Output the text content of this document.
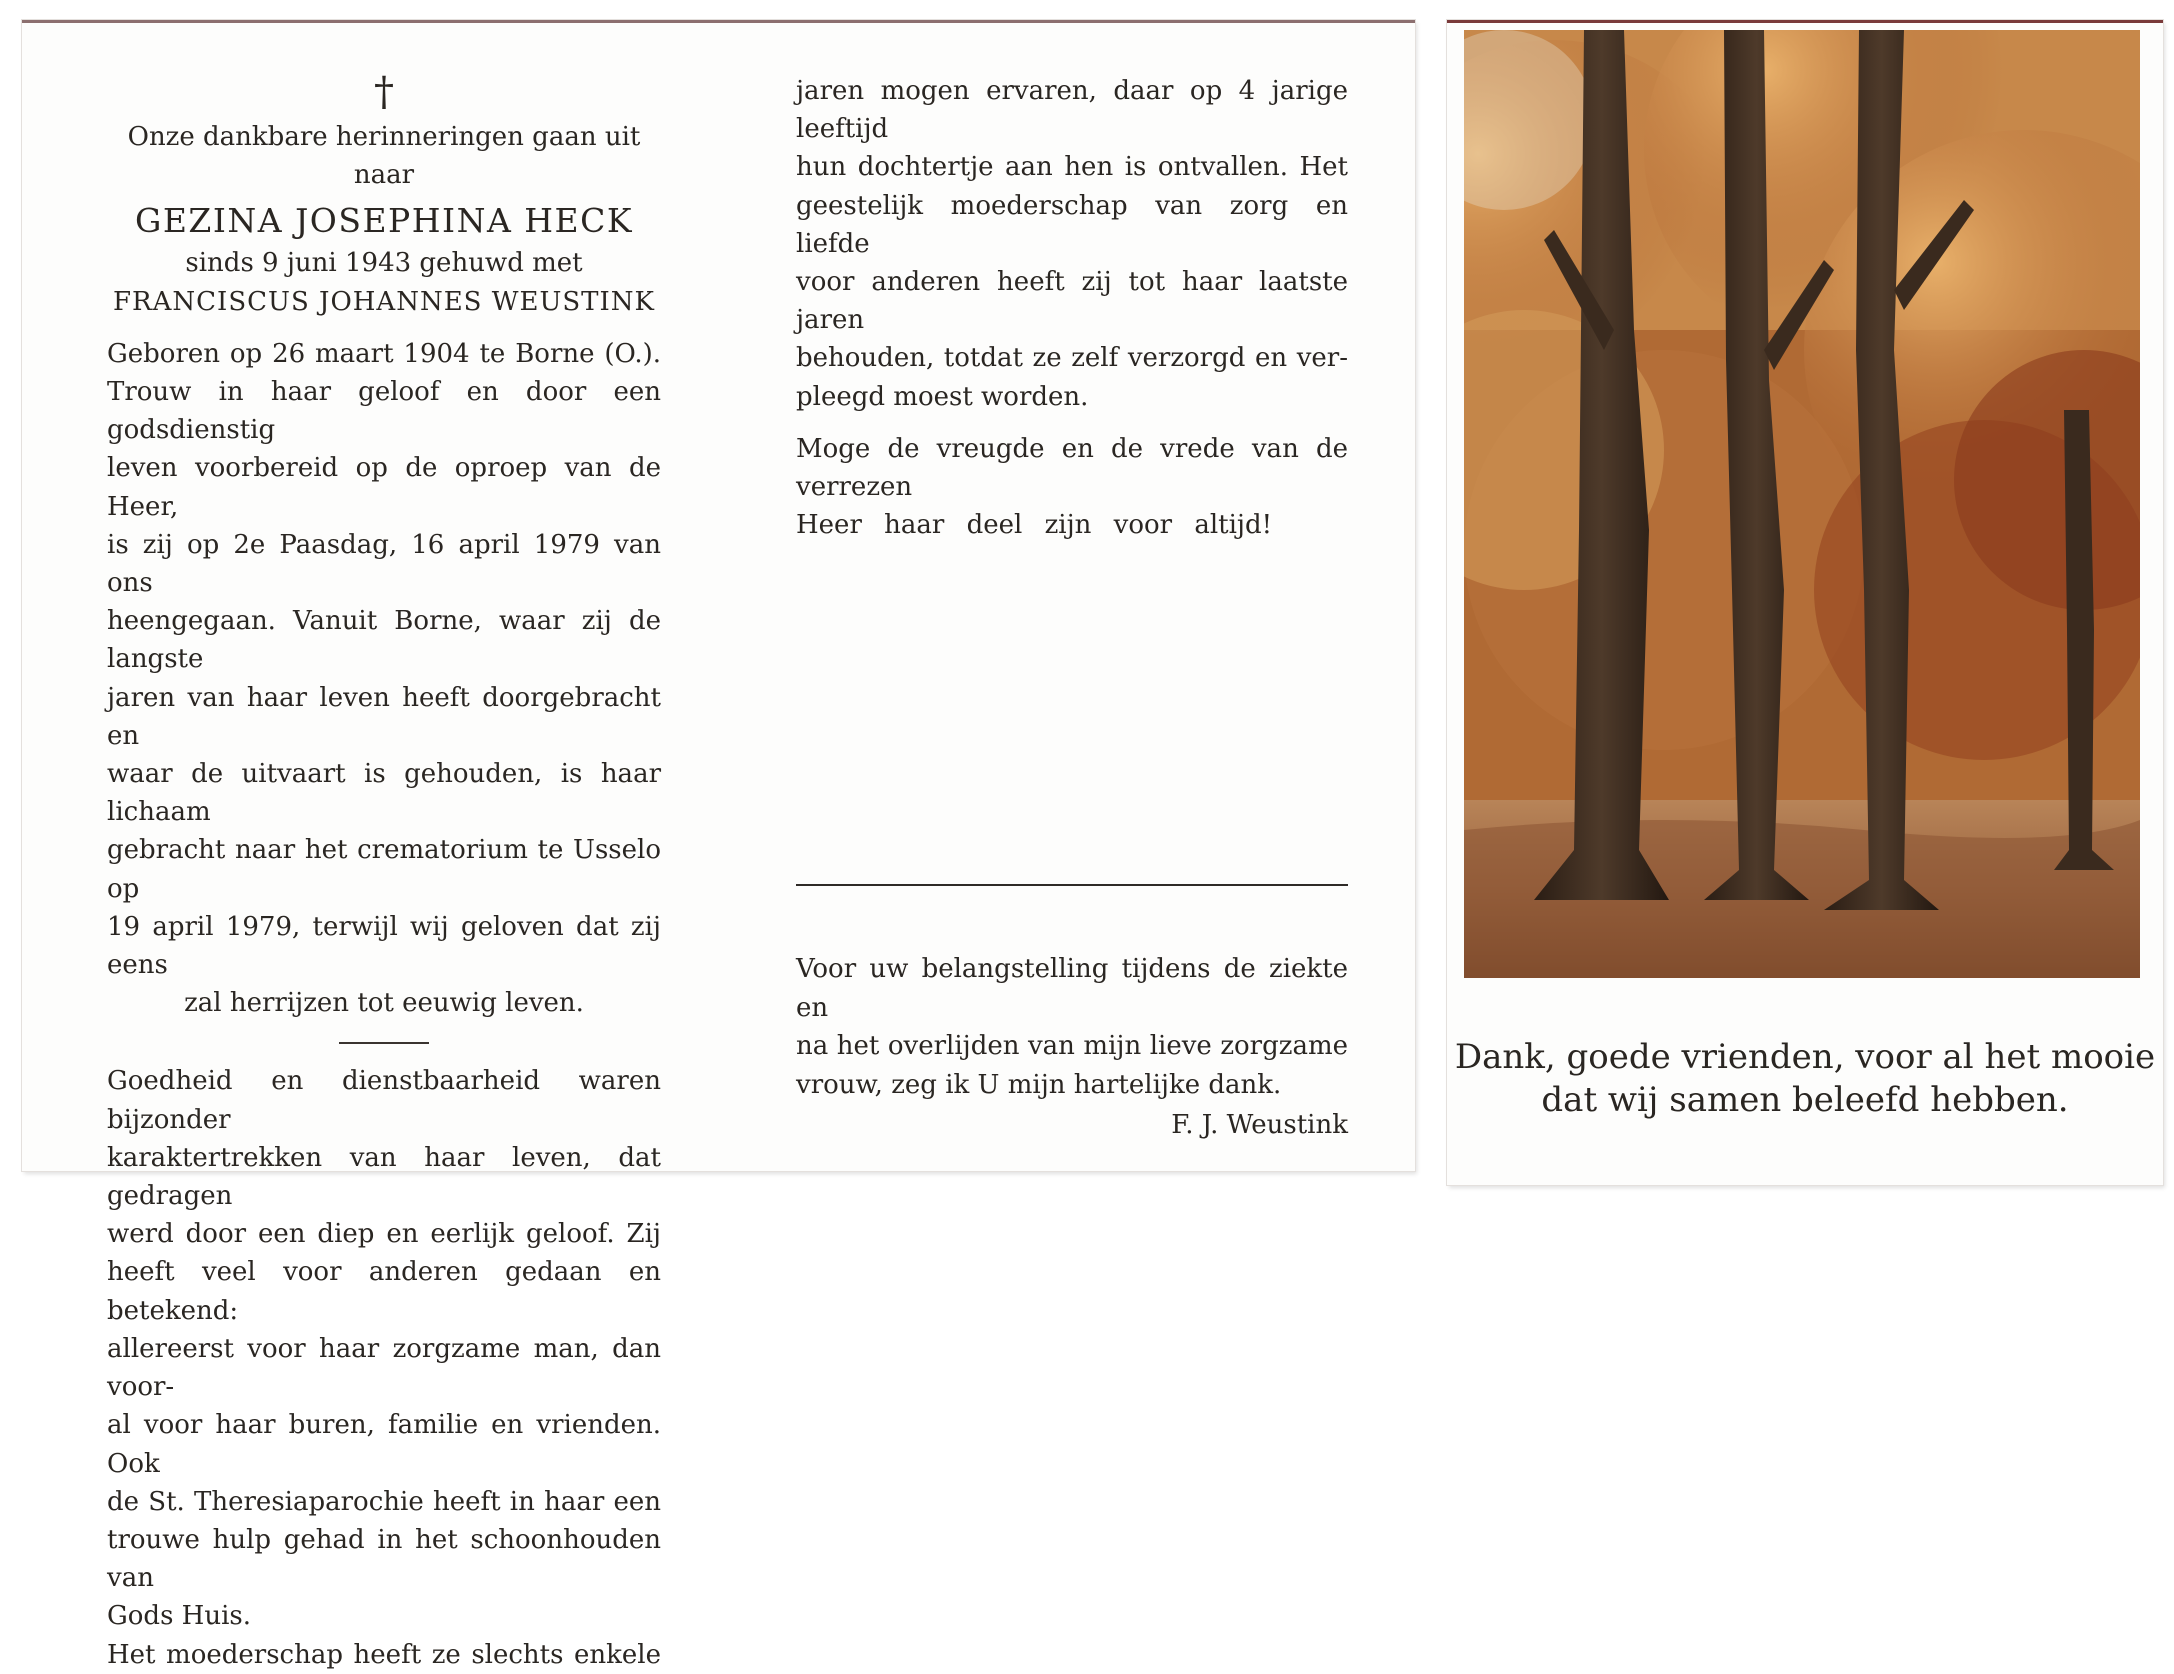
†
Onze dankbare herinneringen gaan uit naar
GEZINA JOSEPHINA HECK
sinds 9 juni 1943 gehuwd met
FRANCISCUS JOHANNES WEUSTINK
Geboren op 26 maart 1904 te Borne (O.).
Trouw in haar geloof en door een godsdienstig
leven voorbereid op de oproep van de Heer,
is zij op 2e Paasdag, 16 april 1979 van ons
heengegaan. Vanuit Borne, waar zij de langste
jaren van haar leven heeft doorgebracht en
waar de uitvaart is gehouden, is haar lichaam
gebracht naar het crematorium te Usselo op
19 april 1979, terwijl wij geloven dat zij eens
zal herrijzen tot eeuwig leven.
Goedheid en dienstbaarheid waren bijzonder
karaktertrekken van haar leven, dat gedragen
werd door een diep en eerlijk geloof. Zij
heeft veel voor anderen gedaan en betekend:
allereerst voor haar zorgzame man, dan voor-
al voor haar buren, familie en vrienden. Ook
de St. Theresiaparochie heeft in haar een
trouwe hulp gehad in het schoonhouden van
Gods Huis.
Het moederschap heeft ze slechts enkele
jaren mogen ervaren, daar op 4 jarige leeftijd
hun dochtertje aan hen is ontvallen. Het
geestelijk moederschap van zorg en liefde
voor anderen heeft zij tot haar laatste jaren
behouden, totdat ze zelf verzorgd en ver-
pleegd moest worden.
Moge de vreugde en de vrede van de verrezen
Heer haar deel zijn voor altijd!
Voor uw belangstelling tijdens de ziekte en
na het overlijden van mijn lieve zorgzame
vrouw, zeg ik U mijn hartelijke dank.
F. J. Weustink
Dank, goede vrienden, voor al het mooie
dat wij samen beleefd hebben.
